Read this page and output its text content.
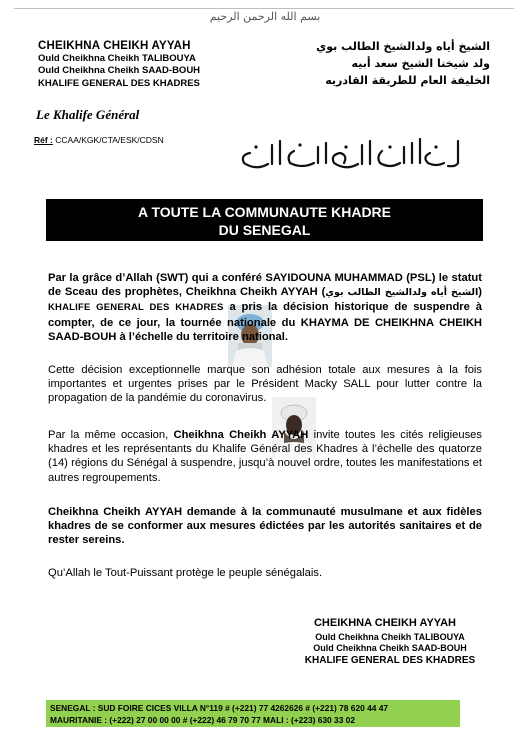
بسم الله الرحمن الرحيم
CHEIKHNA CHEIKH AYYAH
Ould Cheikhna Cheikh TALIBOUYA
Ould Cheikhna Cheikh SAAD-BOUH
KHALIFE GENERAL DES KHADRES
الشيخ أياه ولدالشيخ الطالب بوي
ولد شيخنا الشيخ سعد أبيه
الخليفة العام للطريقة القادريه
Le Khalife Général
Réf : CCAA/KGK/CTA/ESK/CDSN
A TOUTE LA COMMUNAUTE KHADRE
DU SENEGAL
Par la grâce d’Allah (SWT) qui a conféré SAYIDOUNA MUHAMMAD (PSL) le statut de Sceau des prophètes, Cheikhna Cheikh AYYAH (الشيخ أياه ولدالشيخ الطالب بوي) KHALIFE GENERAL DES KHADRES a pris la décision historique de suspendre à compter, de ce jour, la tournée nationale du KHAYMA DE CHEIKHNA CHEIKH SAAD-BOUH à l’échelle du territoire national.
Cette décision exceptionnelle marque son adhésion totale aux mesures à la fois importantes et urgentes prises par le Président Macky SALL pour lutter contre la propagation de la pandémie du coronavirus.
Par la même occasion, Cheikhna Cheikh AYYAH invite toutes les cités religieuses khadres et les représentants du Khalife Général des Khadres à l’échelle des quatorze (14) régions du Sénégal à suspendre, jusqu’à nouvel ordre, toutes les manifestations et autres regroupements.
Cheikhna Cheikh AYYAH demande à la communauté musulmane et aux fidèles khadres de se conformer aux mesures édictées par les autorités sanitaires et de rester sereins.
Qu’Allah le Tout-Puissant protège le peuple sénégalais.
CHEIKHNA CHEIKH AYYAH
Ould Cheikhna Cheikh TALIBOUYA
Ould Cheikhna Cheikh SAAD-BOUH
KHALIFE GENERAL DES KHADRES
SENEGAL : SUD FOIRE CICES VILLA N°119 # (+221) 77 4262626 # (+221) 78 620 44 47
MAURITANIE : (+222) 27 00 00 00 # (+222) 46 79 70 77 MALI : (+223) 630 33 02
